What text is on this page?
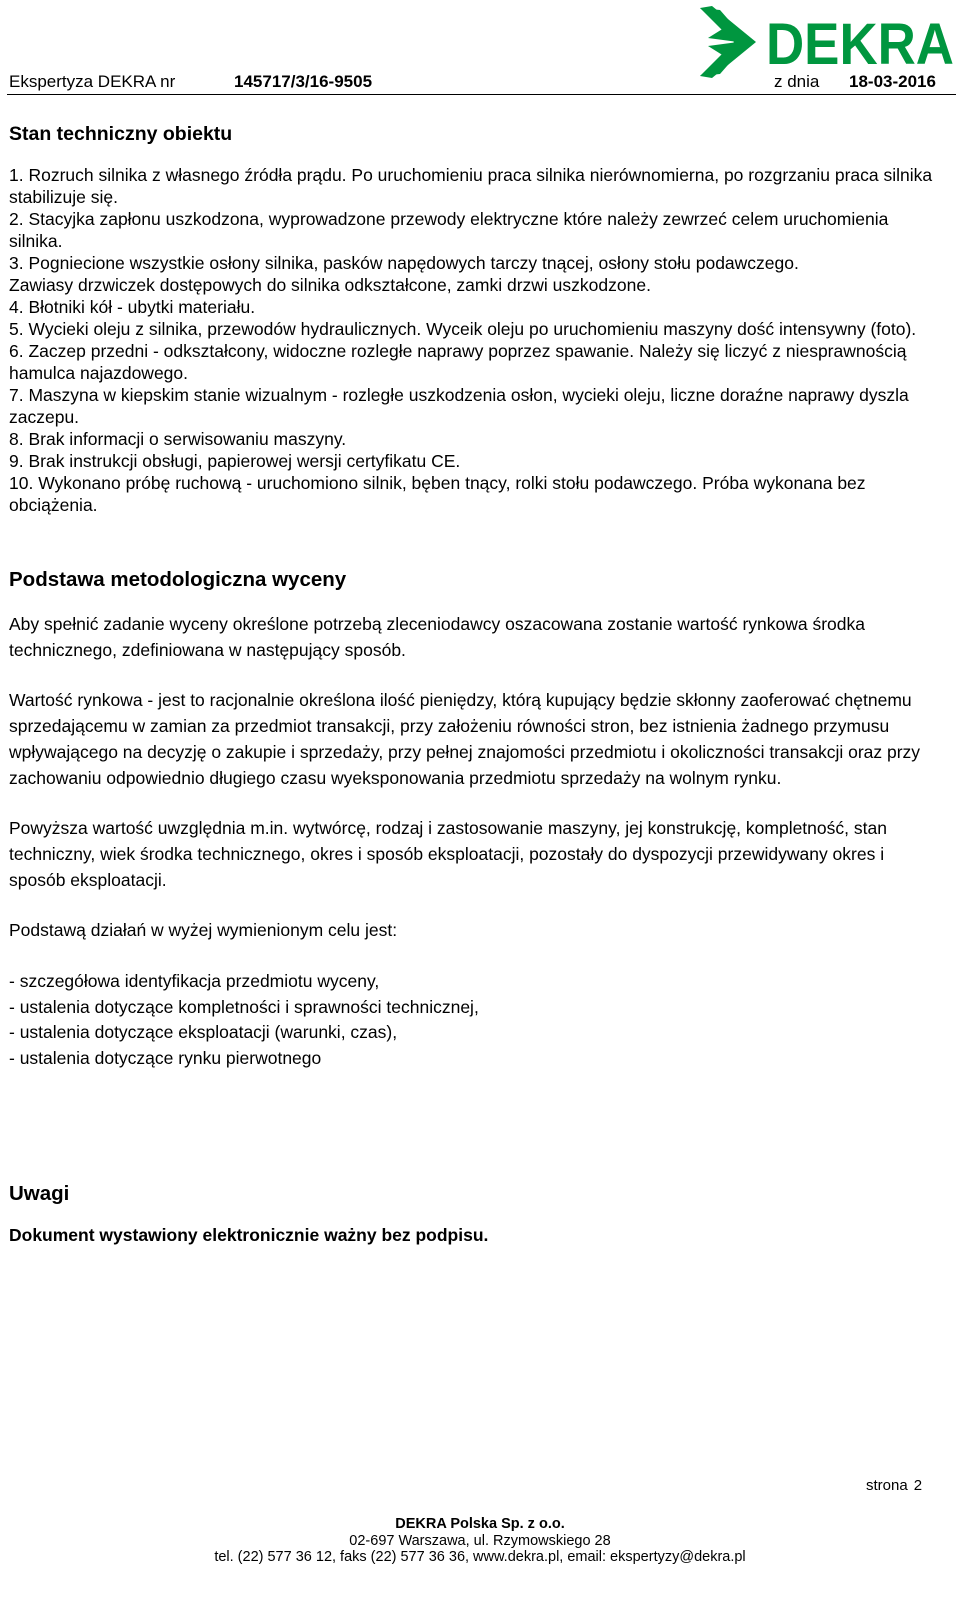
DEKRA
Ekspertyza DEKRA nr	145717/3/16-9505	z dnia 18-03-2016
Stan techniczny obiektu
1. Rozruch silnika z własnego źródła prądu. Po uruchomieniu praca silnika nierównomierna, po rozgrzaniu praca silnika stabilizuje się.
2. Stacyjka zapłonu uszkodzona, wyprowadzone przewody elektryczne które należy zewrzeć celem uruchomienia silnika.
3. Pogniecione wszystkie osłony silnika, pasków napędowych tarczy tnącej, osłony stołu podawczego.
Zawiasy drzwiczek dostępowych do silnika odkształcone, zamki drzwi uszkodzone.
4. Błotniki kół - ubytki materiału.
5. Wycieki oleju z silnika, przewodów hydraulicznych. Wyceik oleju po uruchomieniu maszyny dość intensywny (foto).
6. Zaczep przedni - odkształcony, widoczne rozległe naprawy poprzez spawanie. Należy się liczyć z niesprawnością hamulca najazdowego.
7. Maszyna w kiepskim stanie wizualnym - rozległe uszkodzenia osłon, wycieki oleju, liczne doraźne naprawy dyszla zaczepu.
8. Brak informacji o serwisowaniu maszyny.
9. Brak instrukcji obsługi, papierowej wersji certyfikatu CE.
10. Wykonano próbę ruchową - uruchomiono silnik, bęben tnący, rolki stołu podawczego. Próba wykonana bez obciążenia.
Podstawa metodologiczna wyceny

Aby spełnić zadanie wyceny określone potrzebą zleceniodawcy oszacowana zostanie wartość rynkowa środka technicznego, zdefiniowana w następujący sposób.

Wartość rynkowa - jest to racjonalnie określona ilość pieniędzy, którą kupujący będzie skłonny zaoferować chętnemu sprzedającemu w zamian za przedmiot transakcji, przy założeniu równości stron, bez istnienia żadnego przymusu wpływającego na decyzję o zakupie i sprzedaży, przy pełnej znajomości przedmiotu i okoliczności transakcji oraz przy zachowaniu odpowiednio długiego czasu wyeksponowania przedmiotu sprzedaży na wolnym rynku.

Powyższa wartość uwzględnia m.in. wytwórcę, rodzaj i zastosowanie maszyny, jej konstrukcję, kompletność, stan techniczny, wiek środka technicznego, okres i sposób eksploatacji, pozostały do dyspozycji przewidywany okres i sposób eksploatacji.

Podstawą działań w wyżej wymienionym celu jest:

- szczegółowa identyfikacja przedmiotu wyceny,
- ustalenia dotyczące kompletności i sprawności technicznej,
- ustalenia dotyczące eksploatacji (warunki, czas),
- ustalenia dotyczące rynku pierwotnego
Uwagi

Dokument wystawiony elektronicznie ważny bez podpisu.

strona 2
DEKRA Polska Sp. z o.o.
02-697 Warszawa, ul. Rzymowskiego 28
tel. (22) 577 36 12, faks (22) 577 36 36, www.dekra.pl, email: ekspertyzy@dekra.pl
